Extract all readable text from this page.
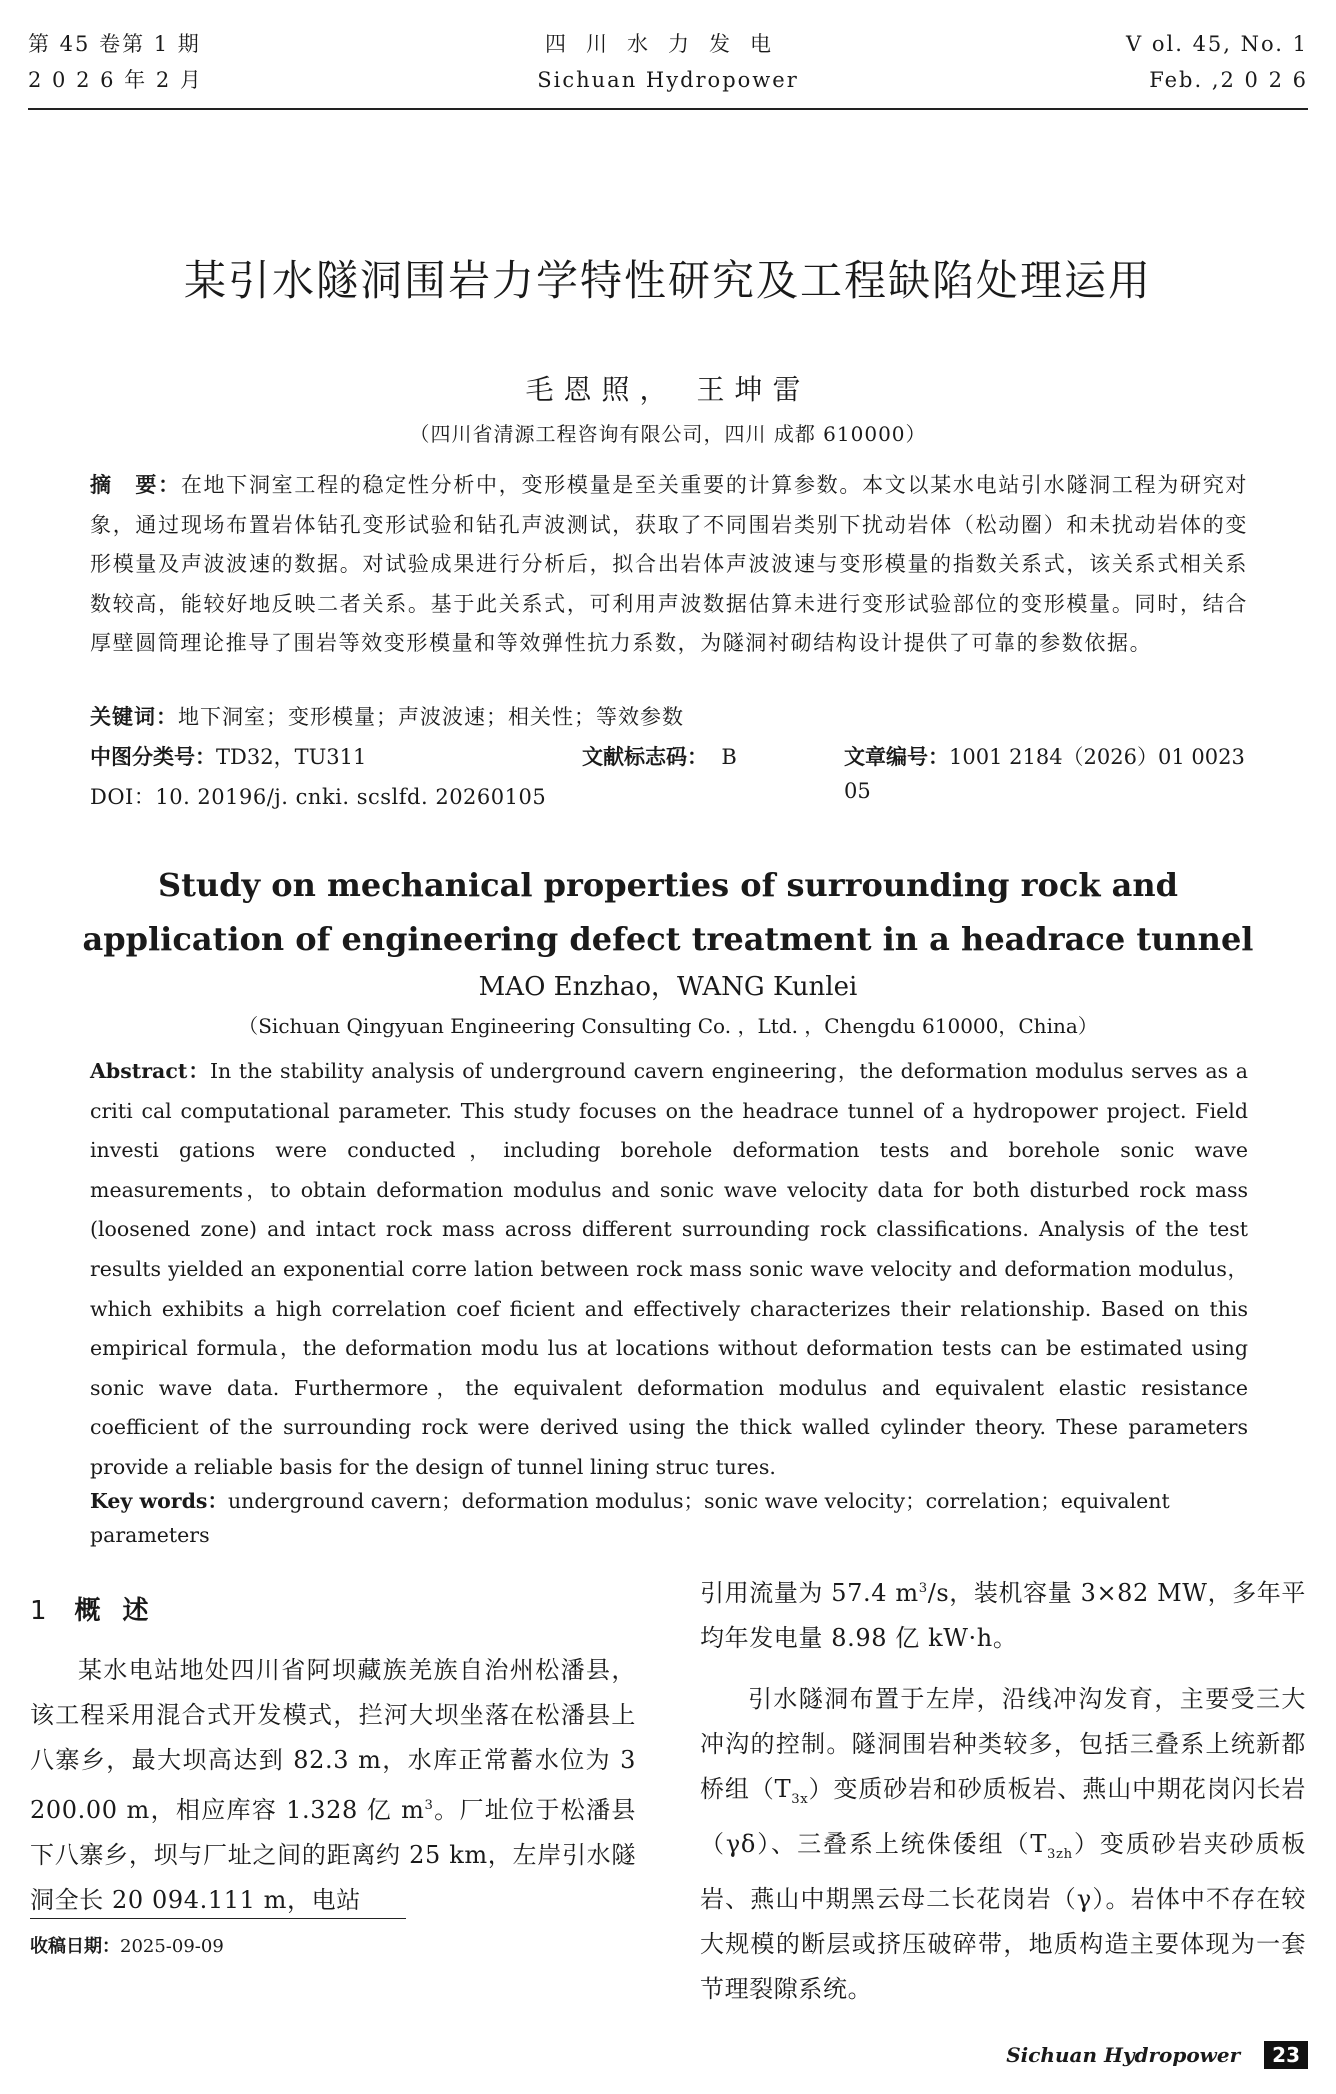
第 45 卷第 1 期
2 0 2 6 年 2 月
四川水力发电
Sichuan Hydropower
V ol. 45, No. 1
Feb. ,2 0 2 6
某引水隧洞围岩力学特性研究及工程缺陷处理运用
毛恩照， 王坤雷
（四川省清源工程咨询有限公司，四川 成都 610000）
摘　要：在地下洞室工程的稳定性分析中，变形模量是至关重要的计算参数。本文以某水电站引水隧洞工程为研究对象，通过现场布置岩体钻孔变形试验和钻孔声波测试，获取了不同围岩类别下扰动岩体（松动圈）和未扰动岩体的变形模量及声波波速的数据。对试验成果进行分析后，拟合出岩体声波波速与变形模量的指数关系式，该关系式相关系数较高，能较好地反映二者关系。基于此关系式，可利用声波数据估算未进行变形试验部位的变形模量。同时，结合厚壁圆筒理论推导了围岩等效变形模量和等效弹性抗力系数，为隧洞衬砌结构设计提供了可靠的参数依据。
关键词：地下洞室；变形模量；声波波速；相关性；等效参数
中图分类号：TD32，TU311	文献标志码： B	文章编号：1001 2184（2026）01 0023 05
DOI：10. 20196/j. cnki. scslfd. 20260105
Study on mechanical properties of surrounding rock and application of engineering defect treatment in a headrace tunnel
MAO Enzhao，WANG Kunlei
（Sichuan Qingyuan Engineering Consulting Co. ，Ltd. ，Chengdu 610000，China）
Abstract：In the stability analysis of underground cavern engineering，the deformation modulus serves as a criti cal computational parameter. This study focuses on the headrace tunnel of a hydropower project. Field investi gations were conducted，including borehole deformation tests and borehole sonic wave measurements，to obtain deformation modulus and sonic wave velocity data for both disturbed rock mass (loosened zone) and intact rock mass across different surrounding rock classifications. Analysis of the test results yielded an exponential corre lation between rock mass sonic wave velocity and deformation modulus，which exhibits a high correlation coef ficient and effectively characterizes their relationship. Based on this empirical formula，the deformation modu lus at locations without deformation tests can be estimated using sonic wave data. Furthermore，the equivalent deformation modulus and equivalent elastic resistance coefficient of the surrounding rock were derived using the thick walled cylinder theory. These parameters provide a reliable basis for the design of tunnel lining struc tures.
Key words：underground cavern；deformation modulus；sonic wave velocity；correlation；equivalent parameters
1 概述
某水电站地处四川省阿坝藏族羌族自治州松潘县，该工程采用混合式开发模式，拦河大坝坐落在松潘县上八寨乡，最大坝高达到 82.3 m，水库正常蓄水位为 3 200.00 m，相应库容 1.328 亿 $m^3$。厂址位于松潘县下八寨乡，坝与厂址之间的距离约 25 km，左岸引水隧洞全长 20 094.111 m，电站

引用流量为 57.4 $m^3/s$，装机容量 3×82 MW，多年平均年发电量 8.98 亿 kW·h。

引水隧洞布置于左岸，沿线冲沟发育，主要受三大冲沟的控制。隧洞围岩种类较多，包括三叠系上统新都桥组$(T_{3x})$变质砂岩和砂质板岩、燕山中期花岗闪长岩（γδ）、三叠系上统侏倭组$(T_{3zh})$变质砂岩夹砂质板岩、燕山中期黑云母二长花岗岩（γ）。岩体中不存在较大规模的断层或挤压破碎带，地质构造主要体现为一套节理裂隙系统。

收稿日期：2025-09-09
Sichuan Hydropower	23
